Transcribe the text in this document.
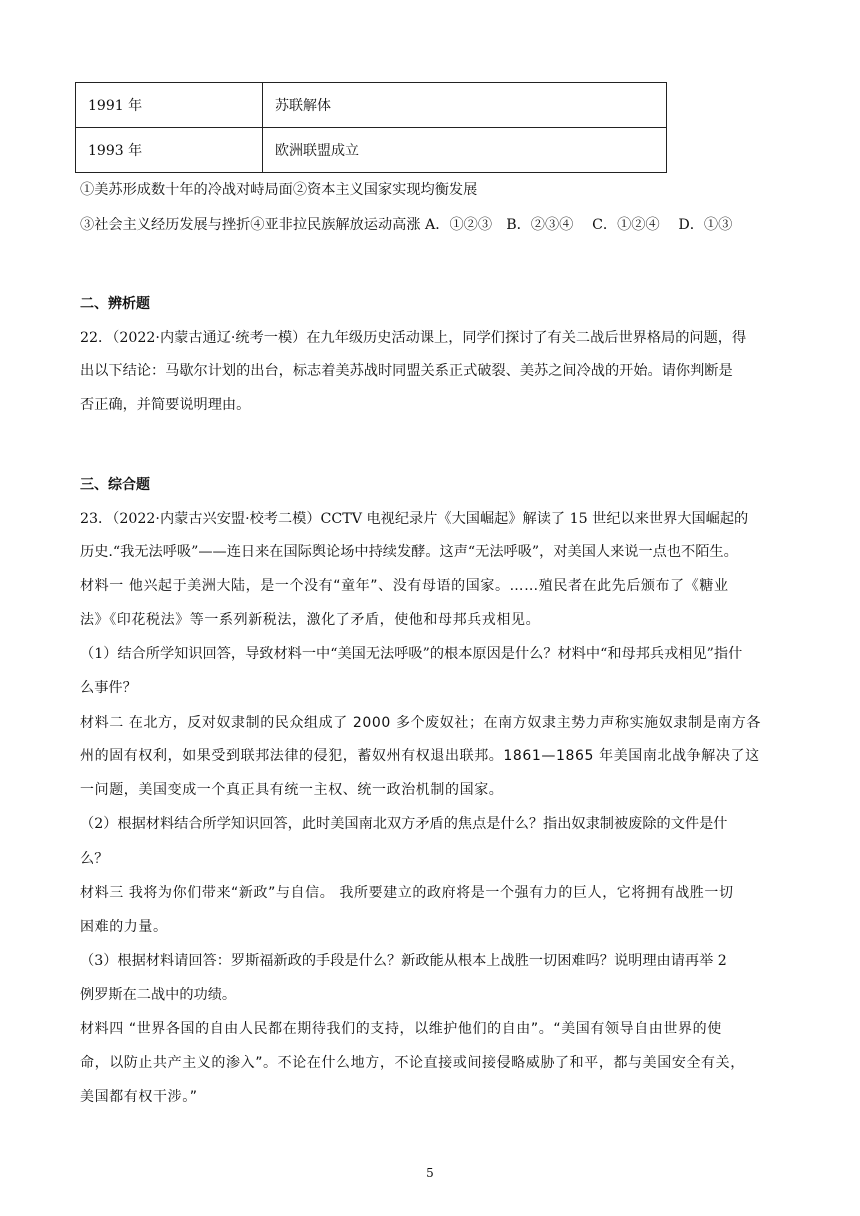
1991 年	苏联解体
1993 年	欧洲联盟成立
①美苏形成数十年的冷战对峙局面②资本主义国家实现均衡发展
③社会主义经历发展与挫折④亚非拉民族解放运动高涨 A．①②③　B．②③④　 C．①②④　 D．①③
二、辨析题
22．（2022·内蒙古通辽·统考一模）在九年级历史活动课上，同学们探讨了有关二战后世界格局的问题，得
出以下结论：马歇尔计划的出台，标志着美苏战时同盟关系正式破裂、美苏之间冷战的开始。请你判断是
否正确，并简要说明理由。
三、综合题
23．（2022·内蒙古兴安盟·校考二模）CCTV 电视纪录片《大国崛起》解读了 15 世纪以来世界大国崛起的
历史.“我无法呼吸”——连日来在国际舆论场中持续发酵。这声“无法呼吸”，对美国人来说一点也不陌生。
材料一 他兴起于美洲大陆，是一个没有“童年”、没有母语的国家。……殖民者在此先后颁布了《糖业
法》《印花税法》等一系列新税法，激化了矛盾，使他和母邦兵戎相见。
（1）结合所学知识回答，导致材料一中“美国无法呼吸”的根本原因是什么？材料中“和母邦兵戎相见”指什
么事件？
材料二 在北方，反对奴隶制的民众组成了 2000 多个废奴社；在南方奴隶主势力声称实施奴隶制是南方各
州的固有权利，如果受到联邦法律的侵犯，蓄奴州有权退出联邦。1861—1865 年美国南北战争解决了这
一问题，美国变成一个真正具有统一主权、统一政治机制的国家。
（2）根据材料结合所学知识回答，此时美国南北双方矛盾的焦点是什么？指出奴隶制被废除的文件是什
么？
材料三 我将为你们带来“新政”与自信。 我所要建立的政府将是一个强有力的巨人，它将拥有战胜一切
困难的力量。
（3）根据材料请回答：罗斯福新政的手段是什么？新政能从根本上战胜一切困难吗？说明理由请再举 2
例罗斯在二战中的功绩。
材料四 “世界各国的自由人民都在期待我们的支持，以维护他们的自由”。“美国有领导自由世界的使
命，以防止共产主义的渗入”。不论在什么地方，不论直接或间接侵略威胁了和平，都与美国安全有关，
美国都有权干涉。”
5
